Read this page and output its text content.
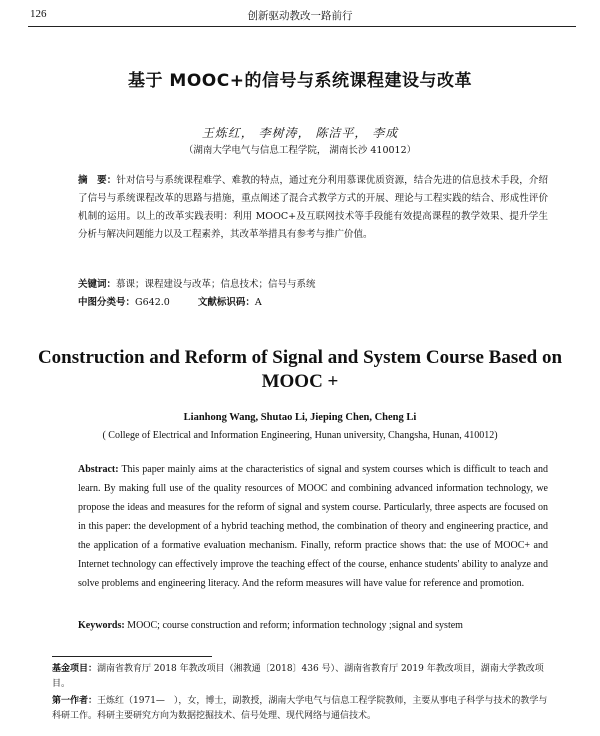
126	创新驱动教改一路前行
基于 MOOC+的信号与系统课程建设与改革
王炼红， 李树涛， 陈洁平， 李成
（湖南大学电气与信息工程学院， 湖南长沙 410012）
摘　要：针对信号与系统课程难学、难教的特点，通过充分利用慕课优质资源，结合先进的信息技术手段，介绍了信号与系统课程改革的思路与措施，重点阐述了混合式教学方式的开展、理论与工程实践的结合、形成性评价机制的运用。以上的改革实践表明：利用 MOOC+及互联网技术等手段能有效提高课程的教学效果、提升学生分析与解决问题能力以及工程素养，其改革举措具有参考与推广价值。
关键词：慕课；课程建设与改革；信息技术；信号与系统
中图分类号：G642.0	文献标识码：A
Construction and Reform of Signal and System Course Based on MOOC +
Lianhong Wang, Shutao Li, Jieping Chen, Cheng Li
( College of Electrical and Information Engineering, Hunan university, Changsha, Hunan, 410012)
Abstract: This paper mainly aims at the characteristics of signal and system courses which is difficult to teach and learn. By making full use of the quality resources of MOOC and combining advanced information technology, we propose the ideas and measures for the reform of signal and system course. Particularly, three aspects are focused on in this paper: the development of a hybrid teaching method, the combination of theory and engineering practice, and the application of a formative evaluation mechanism. Finally, reform practice shows that: the use of MOOC+ and Internet technology can effectively improve the teaching effect of the course, enhance students' ability to analyze and solve problems and engineering literacy. And the reform measures will have value for reference and promotion.
Keywords: MOOC; course construction and reform; information technology ;signal and system
基金项目：湖南省教育厅 2018 年教改项目（湘教通〔2018〕436 号）、湖南省教育厅 2019 年教改项目，湖南大学教改项目。
第一作者：王炼红（1971—　），女，博士，副教授，湖南大学电气与信息工程学院教师，主要从事电子科学与技术的教学与科研工作。科研主要研究方向为数据挖掘技术、信号处理、现代网络与通信技术。
